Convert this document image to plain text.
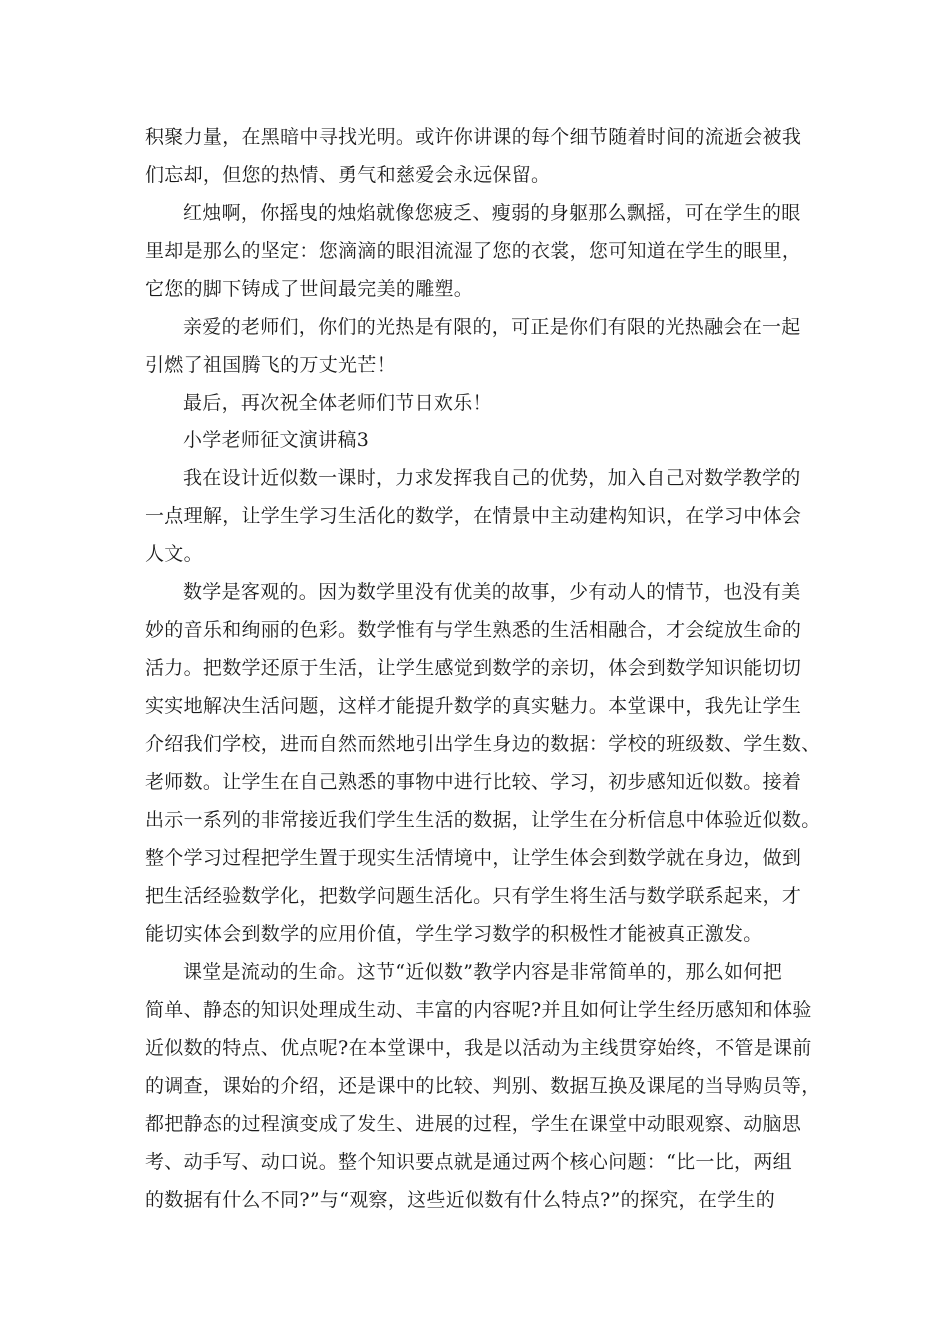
积聚力量，在黑暗中寻找光明。或许你讲课的每个细节随着时间的流逝会被我
们忘却，但您的热情、勇气和慈爱会永远保留。
红烛啊，你摇曳的烛焰就像您疲乏、瘦弱的身躯那么飘摇，可在学生的眼
里却是那么的坚定：您滴滴的眼泪流湿了您的衣裳，您可知道在学生的眼里，
它您的脚下铸成了世间最完美的雕塑。
亲爱的老师们，你们的光热是有限的，可正是你们有限的光热融会在一起
引燃了祖国腾飞的万丈光芒！
最后，再次祝全体老师们节日欢乐！
小学老师征文演讲稿3
我在设计近似数一课时，力求发挥我自己的优势，加入自己对数学教学的
一点理解，让学生学习生活化的数学，在情景中主动建构知识，在学习中体会
人文。
数学是客观的。因为数学里没有优美的故事，少有动人的情节，也没有美
妙的音乐和绚丽的色彩。数学惟有与学生熟悉的生活相融合，才会绽放生命的
活力。把数学还原于生活，让学生感觉到数学的亲切，体会到数学知识能切切
实实地解决生活问题，这样才能提升数学的真实魅力。本堂课中，我先让学生
介绍我们学校，进而自然而然地引出学生身边的数据：学校的班级数、学生数、
老师数。让学生在自己熟悉的事物中进行比较、学习，初步感知近似数。接着
出示一系列的非常接近我们学生生活的数据，让学生在分析信息中体验近似数。
整个学习过程把学生置于现实生活情境中，让学生体会到数学就在身边，做到
把生活经验数学化，把数学问题生活化。只有学生将生活与数学联系起来，才
能切实体会到数学的应用价值，学生学习数学的积极性才能被真正激发。
课堂是流动的生命。这节“近似数”教学内容是非常简单的，那么如何把
简单、静态的知识处理成生动、丰富的内容呢?并且如何让学生经历感知和体验
近似数的特点、优点呢?在本堂课中，我是以活动为主线贯穿始终，不管是课前
的调查，课始的介绍，还是课中的比较、判别、数据互换及课尾的当导购员等，
都把静态的过程演变成了发生、进展的过程，学生在课堂中动眼观察、动脑思
考、动手写、动口说。整个知识要点就是通过两个核心问题：“比一比，两组
的数据有什么不同?”与“观察，这些近似数有什么特点?”的探究，在学生的
